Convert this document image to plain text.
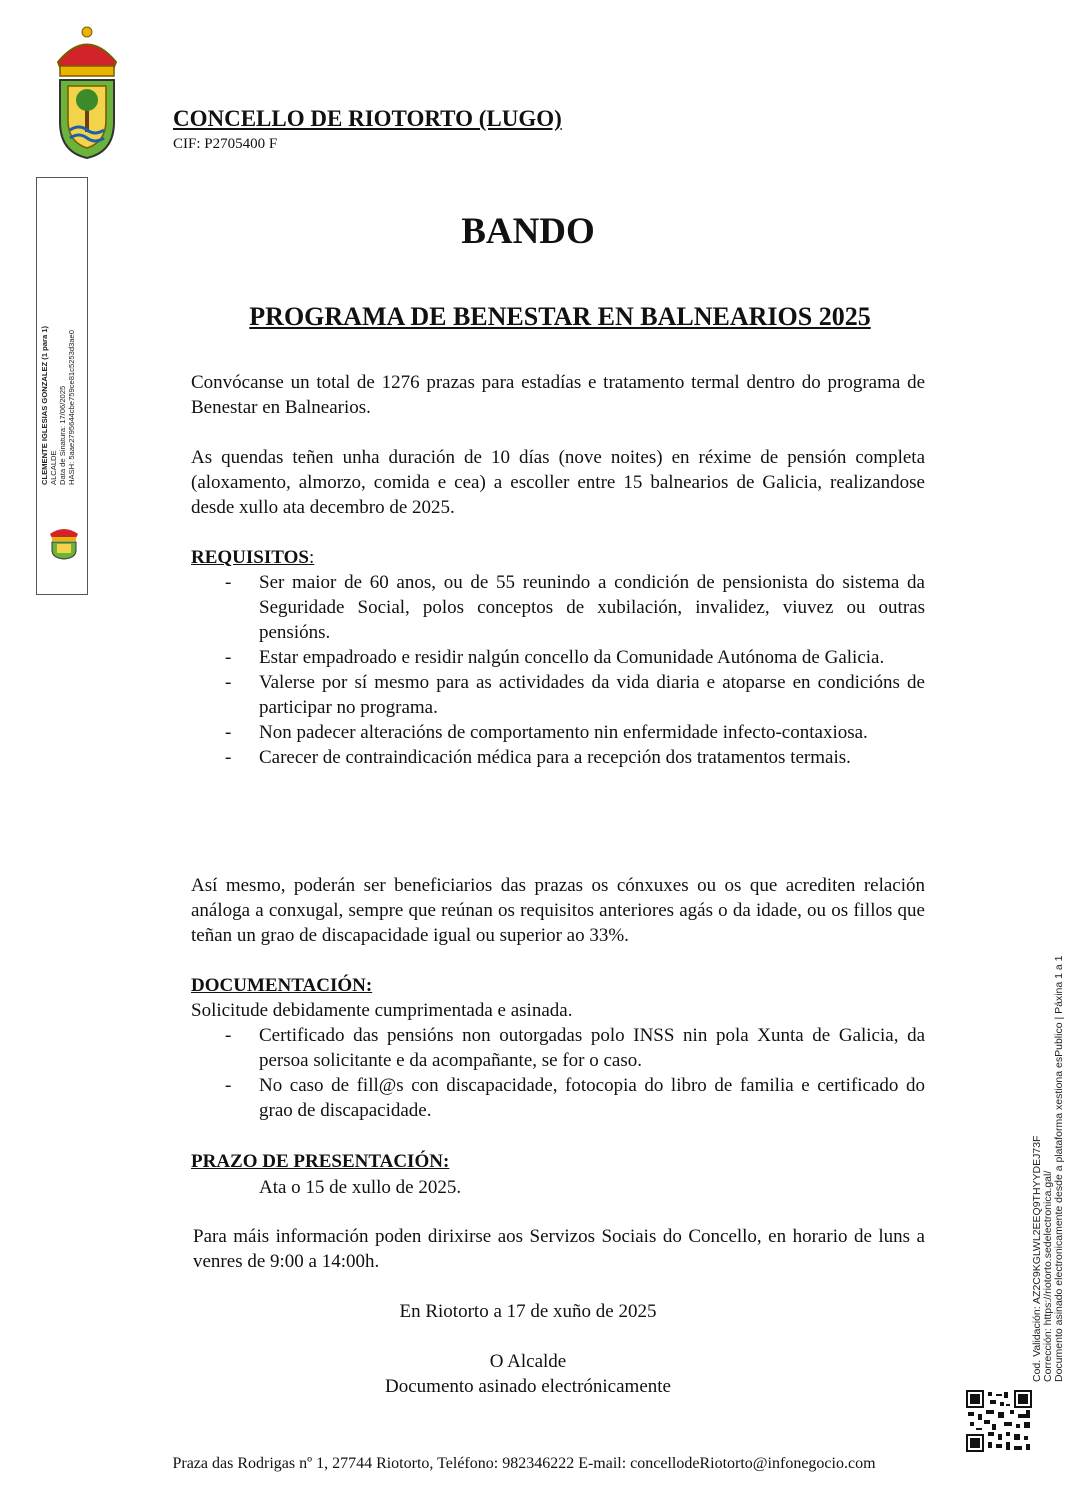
CONCELLO DE RIOTORTO (LUGO)
CIF: P2705400 F
CLEMENTE IGLESIAS GONZALEZ (1 para 1) ALCALDE Data de Sinatura: 17/06/2025 HASH: 5aae2795644cbe759ce81c5253d3ae0
BANDO
PROGRAMA DE BENESTAR EN BALNEARIOS 2025
Convócanse un total de 1276 prazas para estadías e tratamento termal dentro do programa de Benestar en Balnearios.
As quendas teñen unha duración de 10 días (nove noites) en réxime de pensión completa (aloxamento, almorzo, comida e cea) a escoller entre 15 balnearios de Galicia, realizandose desde xullo ata decembro de 2025.
REQUISITOS:
- Ser maior de 60 anos, ou de 55 reunindo a condición de pensionista do sistema da Seguridade Social, polos conceptos de xubilación, invalidez, viuvez ou outras pensións.
- Estar empadroado e residir nalgún concello da Comunidade Autónoma de Galicia.
- Valerse por sí mesmo para as actividades da vida diaria e atoparse en condicións de participar no programa.
- Non padecer alteracións de comportamento nin enfermidade infecto-contaxiosa.
- Carecer de contraindicación médica para a recepción dos tratamentos termais.
Así mesmo, poderán ser beneficiarios das prazas os cónxuxes ou os que acrediten relación análoga a conxugal, sempre que reúnan os requisitos anteriores agás o da idade, ou os fillos que teñan un grao de discapacidade igual ou superior ao 33%.
DOCUMENTACIÓN:
Solicitude debidamente cumprimentada e asinada.
- Certificado das pensións non outorgadas polo INSS nin pola Xunta de Galicia, da persoa solicitante e da acompañante, se for o caso.
- No caso de fill@s con discapacidade, fotocopia do libro de familia e certificado do grao de discapacidade.
PRAZO DE PRESENTACIÓN:
Ata o 15 de xullo de 2025.
Para máis información poden dirixirse aos Servizos Sociais do Concello, en horario de luns a venres de 9:00 a 14:00h.
En Riotorto a 17 de xuño de 2025
O Alcalde
Documento asinado electrónicamente
Cod. Validación: AZ2C9KGLWL2EEQ9THYYDEJ73F Corrección: https://riotorto.sedelectronica.gal/ Documento asinado electronicamente desde a plataforma xestiona esPublico | Páxina 1 a 1
Praza das Rodrigas nº 1, 27744 Riotorto, Teléfono: 982346222 E-mail: concellodeRiotorto@infonegocio.com
